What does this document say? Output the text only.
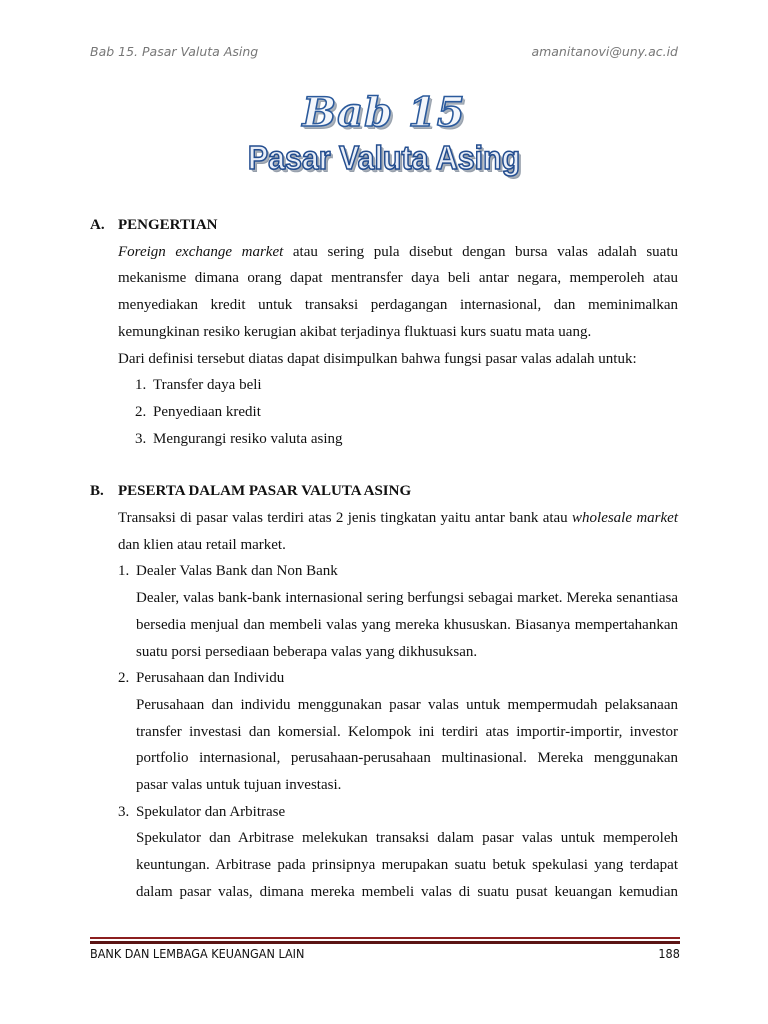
Bab 15. Pasar Valuta Asing	amanitanovi@uny.ac.id
Bab 15
Pasar Valuta Asing
A. PENGERTIAN
Foreign exchange market atau sering pula disebut dengan bursa valas adalah suatu mekanisme dimana orang dapat mentransfer daya beli antar negara, memperoleh atau menyediakan kredit untuk transaksi perdagangan internasional, dan meminimalkan kemungkinan resiko kerugian akibat terjadinya fluktuasi kurs suatu mata uang.
Dari definisi tersebut diatas dapat disimpulkan bahwa fungsi pasar valas adalah untuk:
1. Transfer daya beli
2. Penyediaan kredit
3. Mengurangi resiko valuta asing
B. PESERTA DALAM PASAR VALUTA ASING
Transaksi di pasar valas terdiri atas 2 jenis tingkatan yaitu antar bank atau wholesale market dan klien atau retail market.
1. Dealer Valas Bank dan Non Bank
Dealer, valas bank-bank internasional sering berfungsi sebagai market. Mereka senantiasa bersedia menjual dan membeli valas yang mereka khususkan. Biasanya mempertahankan suatu porsi persediaan beberapa valas yang dikhusuksan.
2. Perusahaan dan Individu
Perusahaan dan individu menggunakan pasar valas untuk mempermudah pelaksanaan transfer investasi dan komersial. Kelompok ini terdiri atas importir-importir, investor portfolio internasional, perusahaan-perusahaan multinasional. Mereka menggunakan pasar valas untuk tujuan investasi.
3. Spekulator dan Arbitrase
Spekulator dan Arbitrase melekukan transaksi dalam pasar valas untuk memperoleh keuntungan. Arbitrase pada prinsipnya merupakan suatu betuk spekulasi yang terdapat dalam pasar valas, dimana mereka membeli valas di suatu pusat keuangan kemudian
BANK DAN LEMBAGA KEUANGAN LAIN	188
